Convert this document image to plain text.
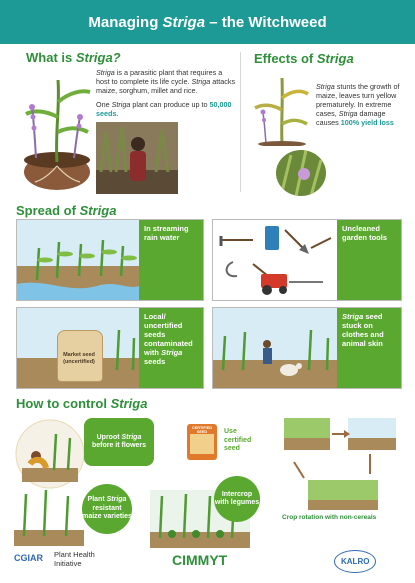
Managing Striga – the Witchweed
What is Striga?
Striga is a parasitic plant that requires a host to complete its life cycle. Striga attacks maize, sorghum, millet and rice.
One Striga plant can produce up to 50,000 seeds.
Effects of Striga
Striga stunts the growth of maize, leaves turn yellow prematurely. In extreme cases, Striga damage causes 100% yield loss
Spread of Striga
In streaming rain water
Uncleaned garden tools
Market seed (uncertified)
Local/ uncertified seeds contaminated with Striga seeds
Striga seed stuck on clothes and animal skin
How to control Striga
Uproot Striga
before it flowers
CERTIFIED SEED	Use certified seed
Crop rotation with non-cereals
Plant Striga
resistant maize varieties
Intercrop with legumes
CGIAR Plant Health
Initiative	CIMMYT	KALRO
